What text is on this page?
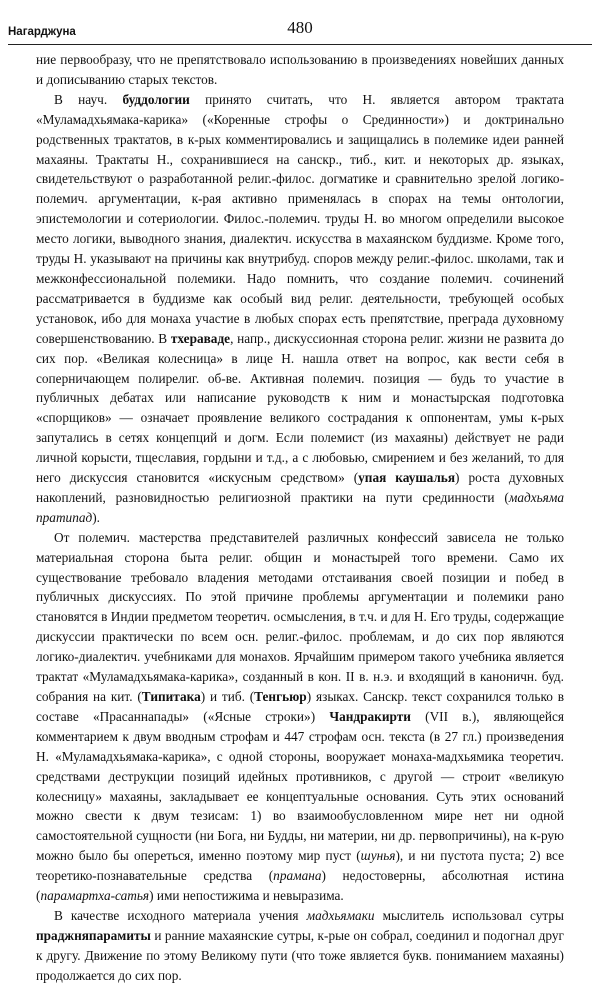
Нагарджуна	480

ние первообразу, что не препятствовало использованию в произведениях новейших данных и дописыванию старых текстов.

В науч. буддологии принято считать, что Н. является автором трактата «Муламадхьямака-карика» («Коренные строфы о Срединности») и доктринально родственных трактатов, в к-рых комментировались и защищались в полемике идеи ранней махаяны. Трактаты Н., сохранившиеся на санскр., тиб., кит. и некоторых др. языках, свидетельствуют о разработанной религ.-филос. догматике и сравнительно зрелой логико-полемич. аргументации, к-рая активно применялась в спорах на темы онтологии, эпистемологии и сотериологии. Филос.-полемич. труды Н. во многом определили высокое место логики, выводного знания, диалектич. искусства в махаянском буддизме. Кроме того, труды Н. указывают на причины как внутрибуд. споров между религ.-филос. школами, так и межконфессиональной полемики. Надо помнить, что создание полемич. сочинений рассматривается в буддизме как особый вид религ. деятельности, требующей особых установок, ибо для монаха участие в любых спорах есть препятствие, преграда духовному совершенствованию. В тхераваде, напр., дискуссионная сторона религ. жизни не развита до сих пор. «Великая колесница» в лице Н. нашла ответ на вопрос, как вести себя в соперничающем полирелиг. об-ве. Активная полемич. позиция — будь то участие в публичных дебатах или написание руководств к ним и монастырская подготовка «спорщиков» — означает проявление великого сострадания к оппонентам, умы к-рых запутались в сетях концепций и догм. Если полемист (из махаяны) действует не ради личной корысти, тщеславия, гордыни и т.д., а с любовью, смирением и без желаний, то для него дискуссия становится «искусным средством» (упая каушалья) роста духовных накоплений, разновидностью религиозной практики на пути срединности (мадхьяма пратипад).

От полемич. мастерства представителей различных конфессий зависела не только материальная сторона быта религ. общин и монастырей того времени. Само их существование требовало владения методами отстаивания своей позиции и побед в публичных дискуссиях. По этой причине проблемы аргументации и полемики рано становятся в Индии предметом теоретич. осмысления, в т.ч. и для Н. Его труды, содержащие дискуссии практически по всем осн. религ.-филос. проблемам, и до сих пор являются логико-диалектич. учебниками для монахов. Ярчайшим примером такого учебника является трактат «Муламадхьямака-карика», созданный в кон. II в. н.э. и входящий в каноничн. буд. собрания на кит. (Типитака) и тиб. (Тенгьюр) языках. Санскр. текст сохранился только в составе «Прасаннапады» («Ясные строки») Чандракирти (VII в.), являющейся комментарием к двум вводным строфам и 447 строфам осн. текста (в 27 гл.) произведения Н. «Муламадхьямака-карика», с одной стороны, вооружает монаха-мадхьямика теоретич. средствами деструкции позиций идейных противников, с другой — строит «великую колесницу» махаяны, закладывает ее концептуальные основания. Суть этих оснований можно свести к двум тезисам: 1) во взаимообусловленном мире нет ни одной самостоятельной сущности (ни Бога, ни Будды, ни материи, ни др. первопричины), на к-рую можно было бы опереться, именно поэтому мир пуст (шунья), и ни пустота пуста; 2) все теоретико-познавательные средства (прамана) недостоверны, абсолютная истина (парамартха-сатья) ими непостижима и невыразима.

В качестве исходного материала учения мадхьямаки мыслитель использовал сутры праджняпарамиты и ранние махаянские сутры, к-рые он собрал, соединил и подогнал друг к другу. Движение по этому Великому пути (что тоже является букв. пониманием махаяны) продолжается до сих пор.
